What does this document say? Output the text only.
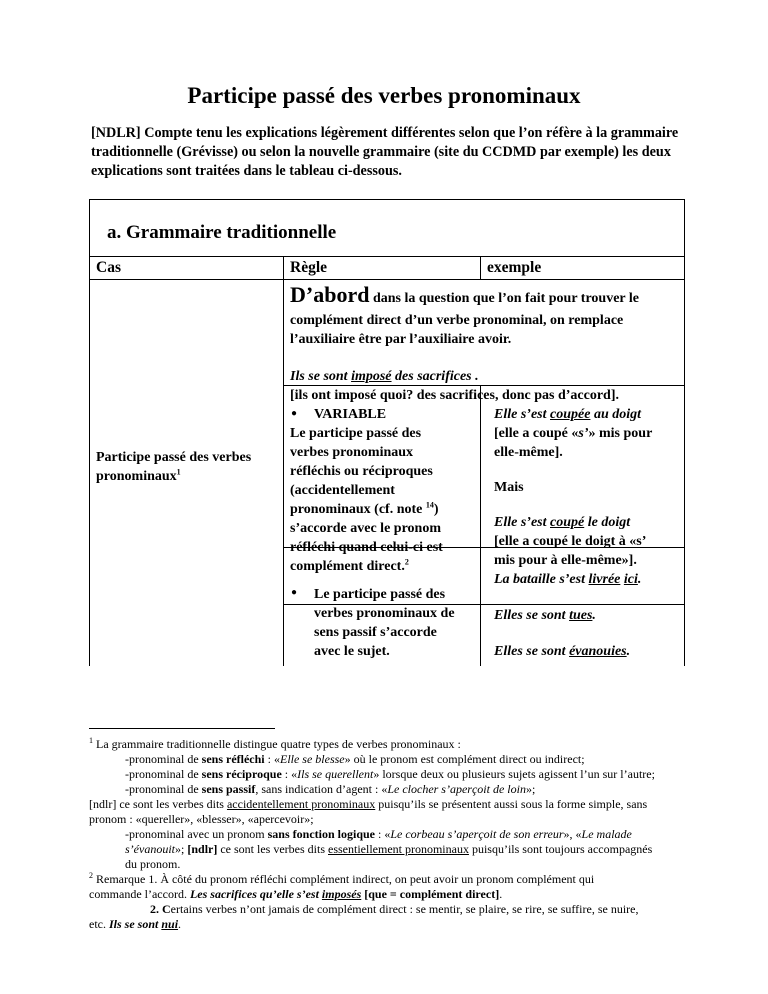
Participe passé des verbes pronominaux
[NDLR] Compte tenu les explications légèrement différentes selon que l’on réfère à la grammaire traditionnelle (Grévisse) ou selon la nouvelle grammaire (site du CCDMD par exemple) les deux explications sont traitées dans le tableau ci-dessous.
a. Grammaire traditionnelle
Cas	Règle	exemple
Participe passé des verbes pronominaux$^1$
D’abord dans la question que l’on fait pour trouver le
complément direct d’un verbe pronominal, on remplace
l’auxiliaire être par l’auxiliaire avoir.
Ils se sont imposé des sacrifices .
[ils ont imposé quoi? des sacrifices, donc pas d’accord].
● VARIABLE
Le participe passé des
verbes pronominaux
réfléchis ou réciproques
(accidentellement
pronominaux (cf. note $^{14}$)
s’accorde avec le pronom
réfléchi quand celui-ci est
complément direct.$^2$
Elle s’est coupée au doigt
[elle a coupé «s’» mis pour
elle-même].
Mais
Elle s’est coupé le doigt
[elle a coupé le doigt à «s’
mis pour à elle-même»].
● Le participe passé des
verbes pronominaux de
sens passif s’accorde
avec le sujet.
La bataille s’est livrée ici.
Elles se sont tues.
Elles se sont évanouies.
$^1$ La grammaire traditionnelle distingue quatre types de verbes pronominaux :
-pronominal de sens réfléchi : «Elle se blesse» où le pronom est complément direct ou indirect;
-pronominal de sens réciproque : «Ils se querellent» lorsque deux ou plusieurs sujets agissent l’un sur l’autre;
-pronominal de sens passif, sans indication d’agent : «Le clocher s’aperçoit de loin»;
[ndlr] ce sont les verbes dits accidentellement pronominaux puisqu’ils se présentent aussi sous la forme simple, sans
pronom : «quereller», «blesser», «apercevoir»;
-pronominal avec un pronom sans fonction logique : «Le corbeau s’aperçoit de son erreur», «Le malade
s’évanouit»; [ndlr] ce sont les verbes dits essentiellement pronominaux puisqu’ils sont toujours accompagnés
du pronom.
$^2$ Remarque 1. À côté du pronom réfléchi complément indirect, on peut avoir un pronom complément qui
commande l’accord. Les sacrifices qu’elle s’est imposés [que = complément direct].
2. Certains verbes n’ont jamais de complément direct : se mentir, se plaire, se rire, se suffire, se nuire,
etc. Ils se sont nui.
